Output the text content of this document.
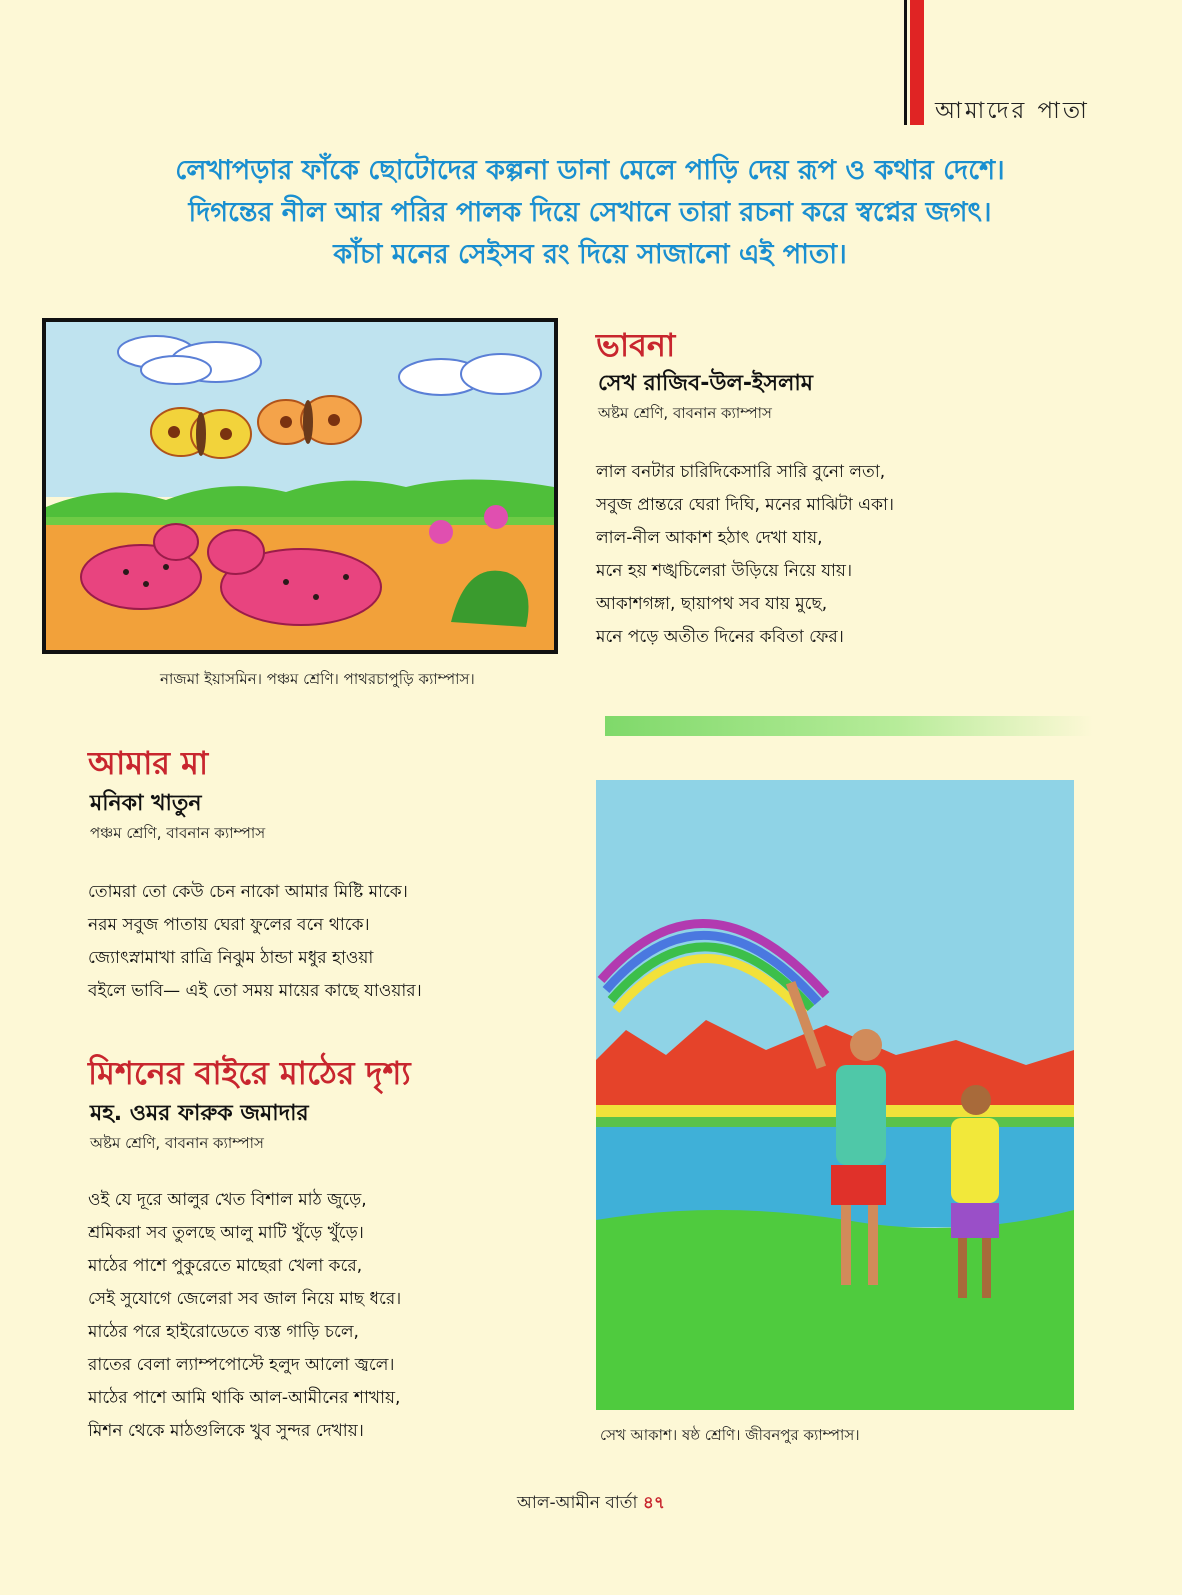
আমাদের পাতা
লেখাপড়ার ফাঁকে ছোটোদের কল্পনা ডানা মেলে পাড়ি দেয় রূপ ও কথার দেশে।
দিগন্তের নীল আর পরির পালক দিয়ে সেখানে তারা রচনা করে স্বপ্নের জগৎ।
কাঁচা মনের সেইসব রং দিয়ে সাজানো এই পাতা।
নাজমা ইয়াসমিন। পঞ্চম শ্রেণি। পাথরচাপুড়ি ক্যাম্পাস।
ভাবনা
সেখ রাজিব-উল-ইসলাম
অষ্টম শ্রেণি, বাবনান ক্যাম্পাস
লাল বনটার চারিদিকেসারি সারি বুনো লতা,
সবুজ প্রান্তরে ঘেরা দিঘি, মনের মাঝিটা একা।
লাল-নীল আকাশ হঠাৎ দেখা যায়,
মনে হয় শঙ্খচিলেরা উড়িয়ে নিয়ে যায়।
আকাশগঙ্গা, ছায়াপথ সব যায় মুছে,
মনে পড়ে অতীত দিনের কবিতা ফের।
আমার মা
মনিকা খাতুন
পঞ্চম শ্রেণি, বাবনান ক্যাম্পাস
তোমরা তো কেউ চেন নাকো আমার মিষ্টি মাকে।
নরম সবুজ পাতায় ঘেরা ফুলের বনে থাকে।
জ্যোৎস্নামাখা রাত্রি নিঝুম ঠান্ডা মধুর হাওয়া
বইলে ভাবি— এই তো সময় মায়ের কাছে যাওয়ার।
মিশনের বাইরে মাঠের দৃশ্য
মহ. ওমর ফারুক জমাদার
অষ্টম শ্রেণি, বাবনান ক্যাম্পাস
ওই যে দূরে আলুর খেত বিশাল মাঠ জুড়ে,
শ্রমিকরা সব তুলছে আলু মাটি খুঁড়ে খুঁড়ে।
মাঠের পাশে পুকুরেতে মাছেরা খেলা করে,
সেই সুযোগে জেলেরা সব জাল নিয়ে মাছ ধরে।
মাঠের পরে হাইরোডেতে ব্যস্ত গাড়ি চলে,
রাতের বেলা ল্যাম্পপোস্টে হলুদ আলো জ্বলে।
মাঠের পাশে আমি থাকি আল-আমীনের শাখায়,
মিশন থেকে মাঠগুলিকে খুব সুন্দর দেখায়।	সেখ আকাশ। ষষ্ঠ শ্রেণি। জীবনপুর ক্যাম্পাস।
আল-আমীন বার্তা ৪৭
